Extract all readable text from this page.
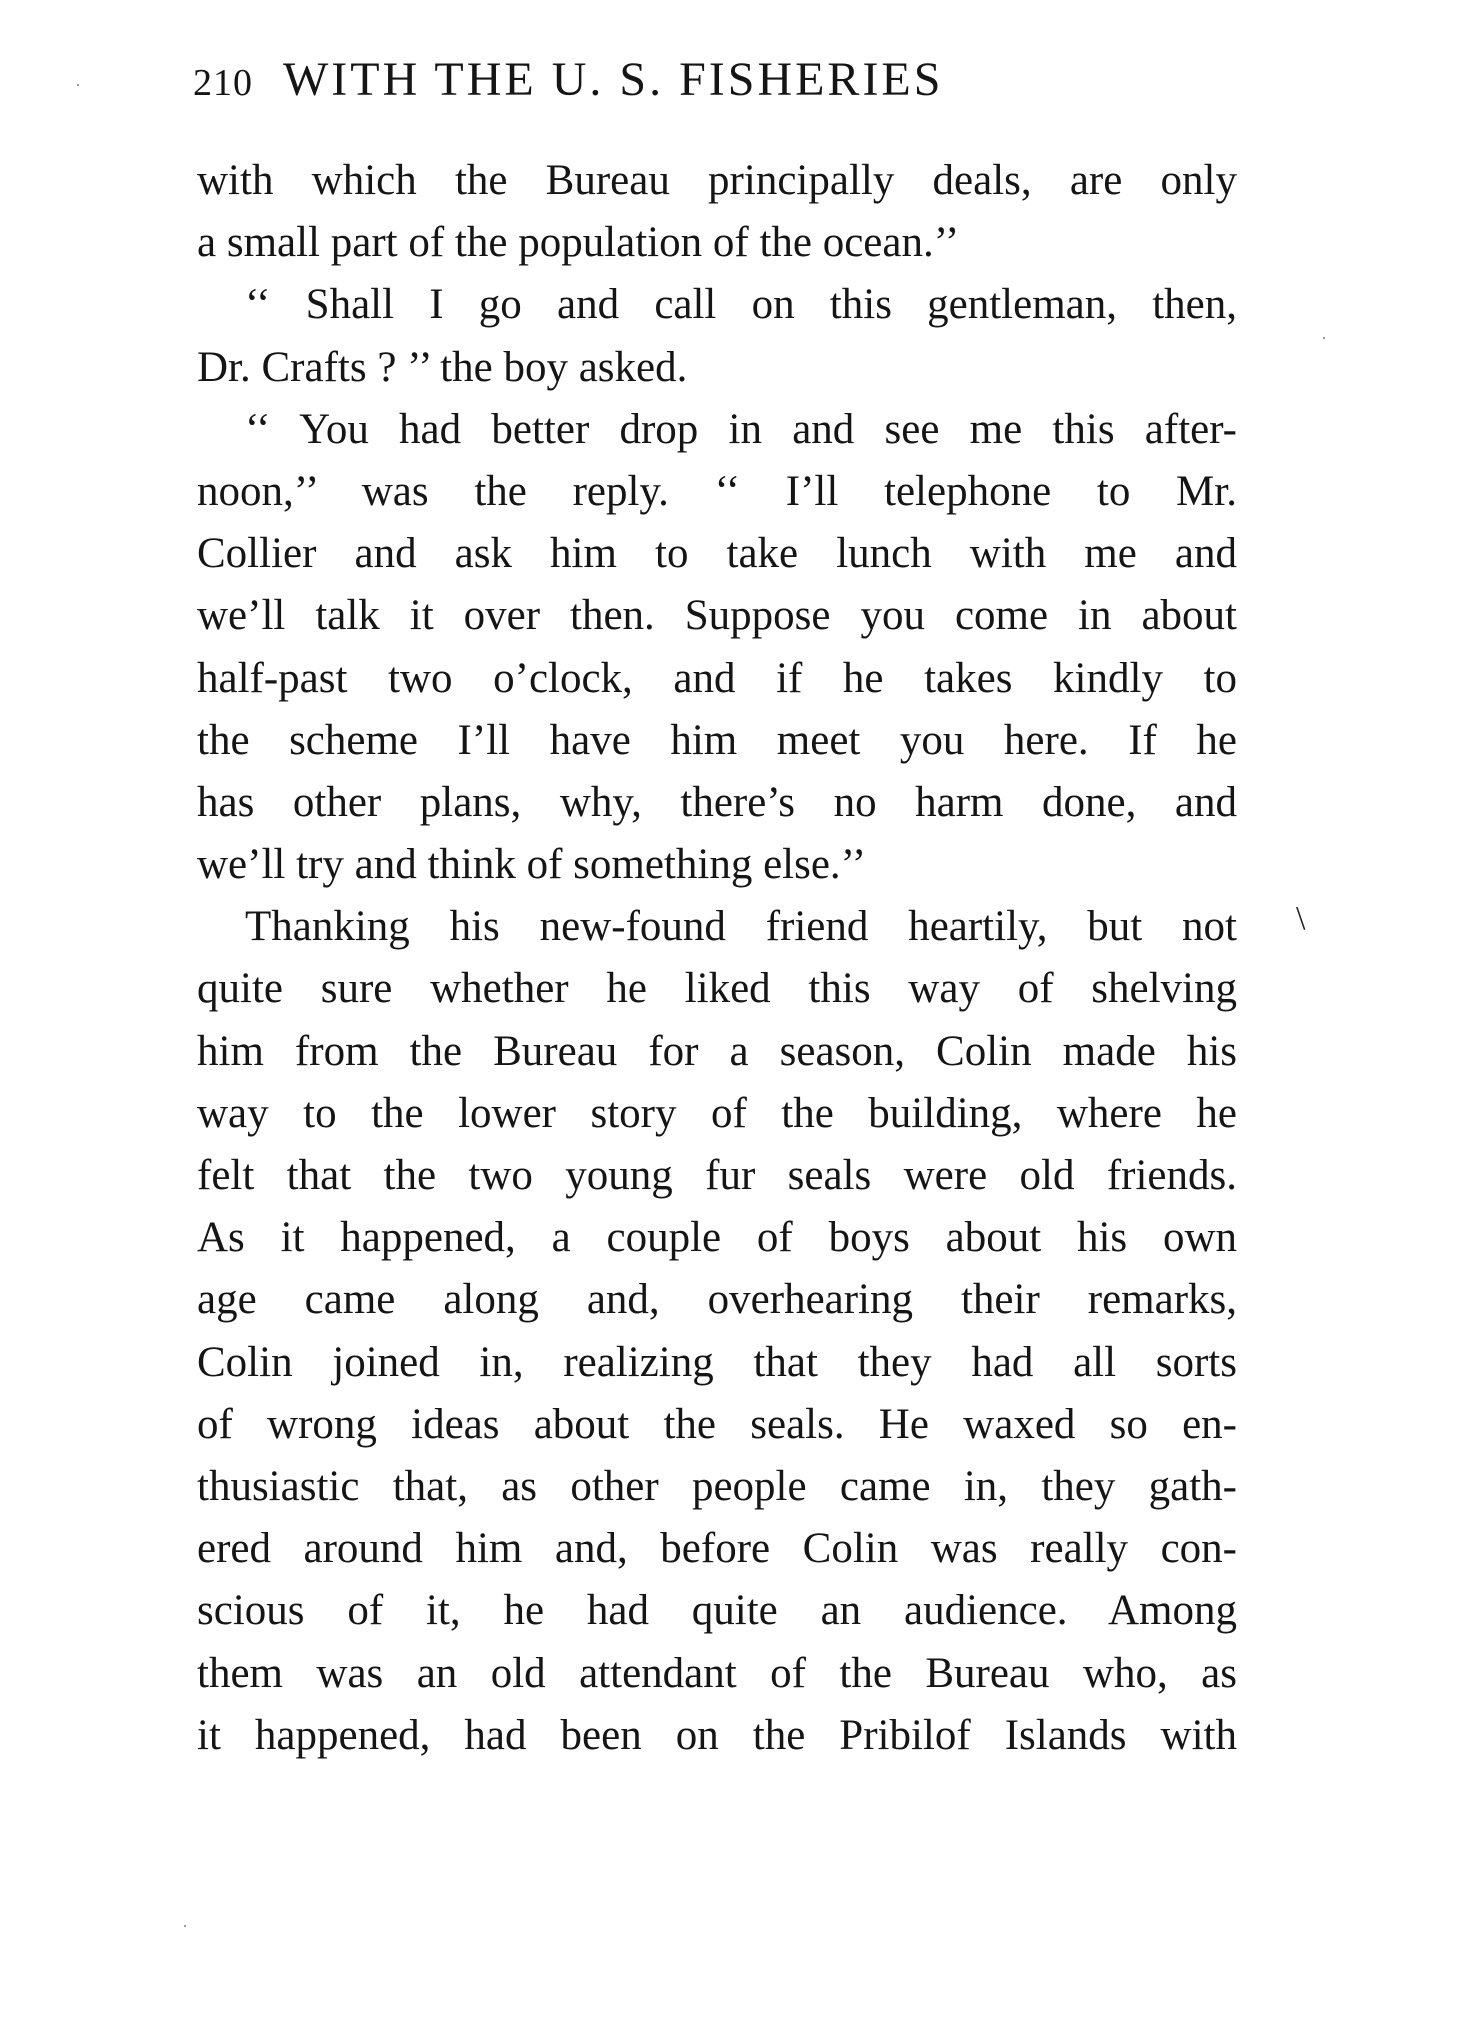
210 WITH THE U. S. FISHERIES
with which the Bureau principally deals, are only
a small part of the population of the ocean.’’
‘‘ Shall I go and call on this gentleman, then,
Dr. Crafts ? ’’ the boy asked.
‘‘ You had better drop in and see me this after-
noon,’’ was the reply. ‘‘ I’ll telephone to Mr.
Collier and ask him to take lunch with me and
we’ll talk it over then. Suppose you come in about
half-past two o’clock, and if he takes kindly to
the scheme I’ll have him meet you here. If he
has other plans, why, there’s no harm done, and
we’ll try and think of something else.’’
Thanking his new-found friend heartily, but not
quite sure whether he liked this way of shelving
him from the Bureau for a season, Colin made his
way to the lower story of the building, where he
felt that the two young fur seals were old friends.
As it happened, a couple of boys about his own
age came along and, overhearing their remarks,
Colin joined in, realizing that they had all sorts
of wrong ideas about the seals. He waxed so en-
thusiastic that, as other people came in, they gath-
ered around him and, before Colin was really con-
scious of it, he had quite an audience. Among
them was an old attendant of the Bureau who, as
it happened, had been on the Pribilof Islands with
\
